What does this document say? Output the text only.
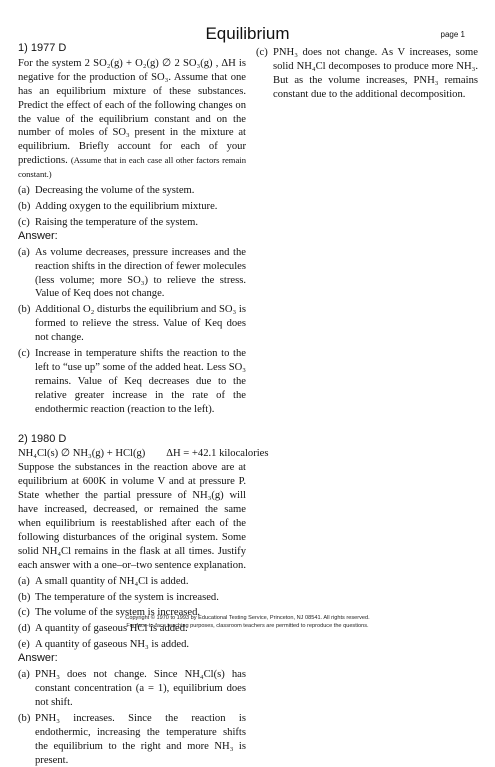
Equilibrium	page 1
1) 1977 D

For the system 2 SO₂(g) + O₂(g) ∅ 2 SO₃(g) , ∆H is negative for the production of SO₃. Assume that one has an equilibrium mixture of these substances. Predict the effect of each of the following changes on the value of the equilibrium constant and on the number of moles of SO₃ present in the mixture at equilibrium. Briefly account for each of your predictions. (Assume that in each case all other factors remain constant.)

(a) Decreasing the volume of the system.
(b) Adding oxygen to the equilibrium mixture.
(c) Raising the temperature of the system.
Answer:
(a) As volume decreases, pressure increases and the reaction shifts in the direction of fewer molecules (less volume; more SO₃) to relieve the stress. Value of Keq does not change.
(b) Additional O₂ disturbs the equilibrium and SO₃ is formed to relieve the stress. Value of Keq does not change.
(c) Increase in temperature shifts the reaction to the left to “use up” some of the added heat. Less SO₃ remains. Value of Keq decreases due to the relative greater increase in the rate of the endothermic reaction (reaction to the left).
2) 1980 D

NH₄Cl(s) ∅ NH₃(g) + HCl(g)        ∆H = +42.1 kilocalories

Suppose the substances in the reaction above are at equilibrium at 600K in volume V and at pressure P. State whether the partial pressure of NH₃(g) will have increased, decreased, or remained the same when equilibrium is reestablished after each of the following disturbances of the original system. Some solid NH₄Cl remains in the flask at all times. Justify each answer with a one–or–two sentence explanation.

(a) A small quantity of NH₄Cl is added.
(b) The temperature of the system is increased.
(c) The volume of the system is increased.
(d) A quantity of gaseous HCl is added.
(e) A quantity of gaseous NH₃ is added.
Answer:
(a) PNH₃ does not change. Since NH₄Cl(s) has constant concentration (a = 1), equilibrium does not shift.
(b) PNH₃ increases. Since the reaction is endothermic, increasing the temperature shifts the equilibrium to the right and more NH₃ is present.
(c) PNH₃ does not change. As V increases, some solid NH₄Cl decomposes to produce more NH₃. But as the volume increases, PNH₃ remains constant due to the additional decomposition.
Copyright © 1970 to 1993 by Educational Testing Service, Princeton, NJ 08541. All rights reserved.
For face-to-face teaching purposes, classroom teachers are permitted to reproduce the questions.
